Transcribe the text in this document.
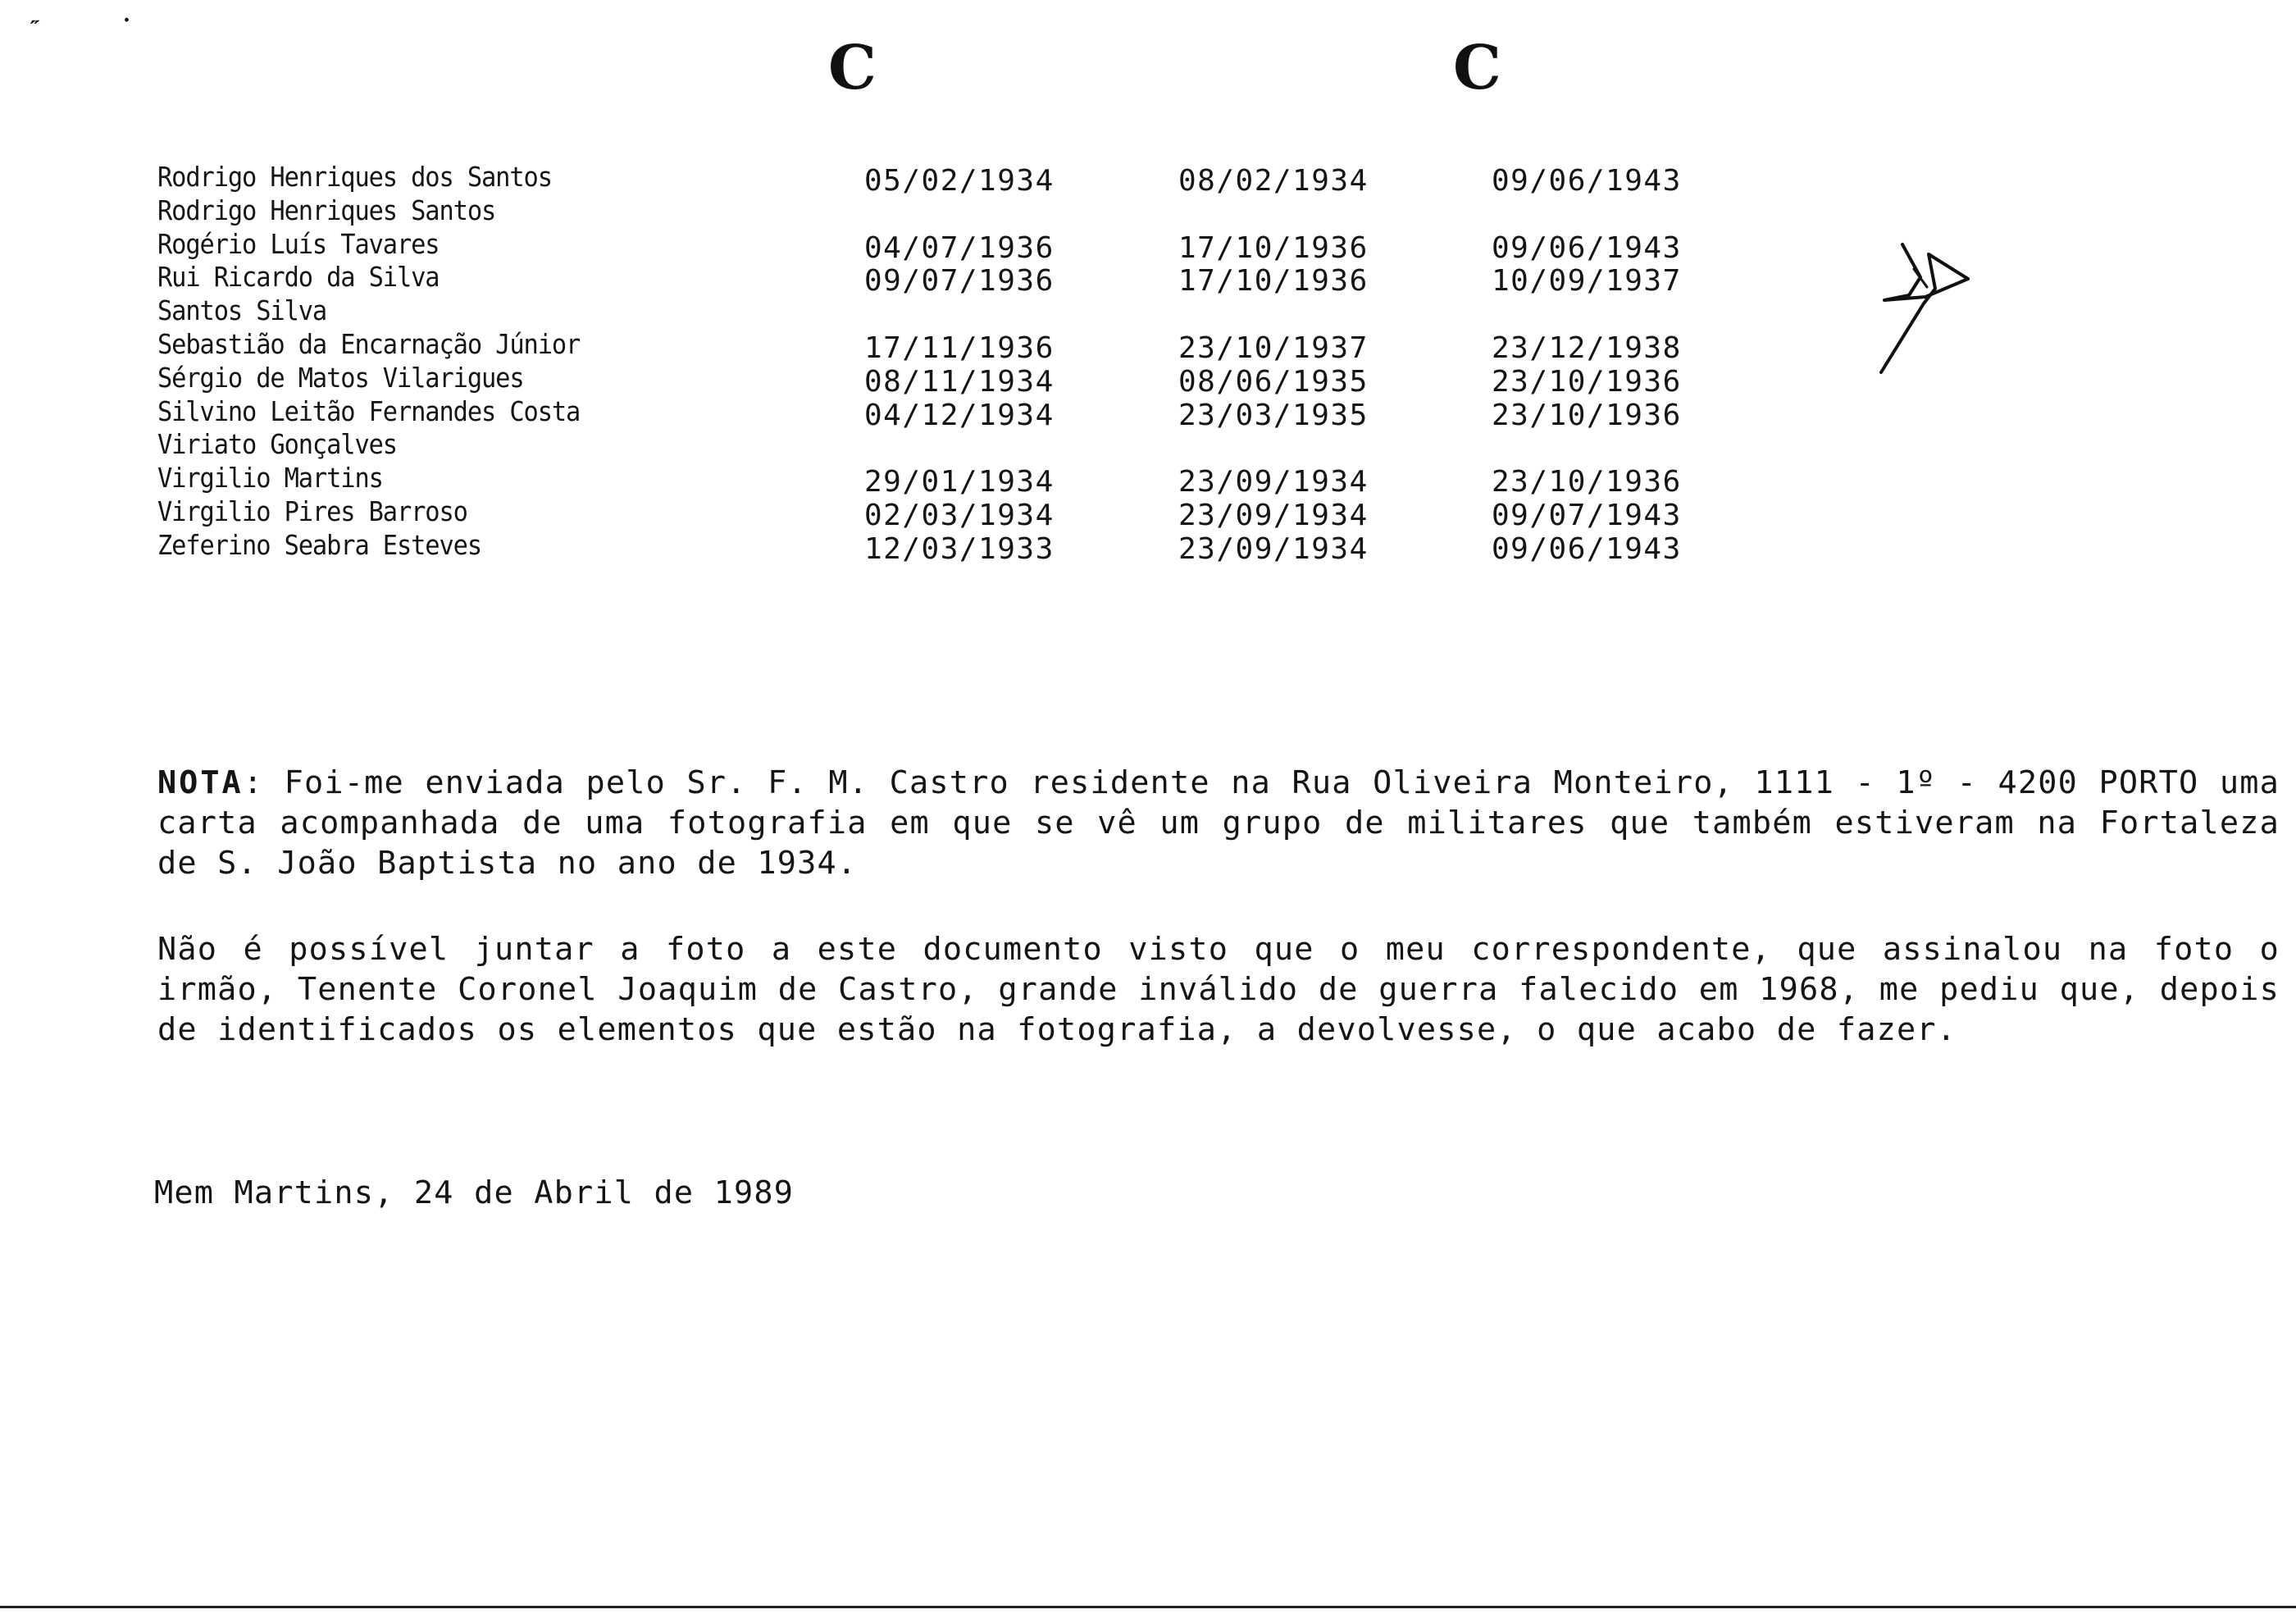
˶	·
C	C
Rodrigo Henriques dos Santos	05/02/1934	08/02/1934	09/06/1943
Rodrigo Henriques Santos
Rogério Luís Tavares	04/07/1936	17/10/1936	09/06/1943
Rui Ricardo da Silva	09/07/1936	17/10/1936	10/09/1937
Santos Silva
Sebastião da Encarnação Júnior	17/11/1936	23/10/1937	23/12/1938
Sérgio de Matos Vilarigues	08/11/1934	08/06/1935	23/10/1936
Silvino Leitão Fernandes Costa	04/12/1934	23/03/1935	23/10/1936
Viriato Gonçalves
Virgilio Martins	29/01/1934	23/09/1934	23/10/1936
Virgilio Pires Barroso	02/03/1934	23/09/1934	09/07/1943
Zeferino Seabra Esteves	12/03/1933	23/09/1934	09/06/1943
NOTA: Foi-me enviada pelo Sr. F. M. Castro residente na Rua Oliveira Monteiro, 1111 - 1º - 4200 PORTO uma carta acompanhada de uma fotografia em que se vê um grupo de militares que também estiveram na Fortaleza de S. João Baptista no ano de 1934.
Não é possível juntar a foto a este documento visto que o meu correspondente, que assinalou na foto o irmão, Tenente Coronel Joaquim de Castro, grande inválido de guerra falecido em 1968, me pediu que, depois de identificados os elementos que estão na fotografia, a devolvesse, o que acabo de fazer.
Mem Martins, 24 de Abril de 1989
